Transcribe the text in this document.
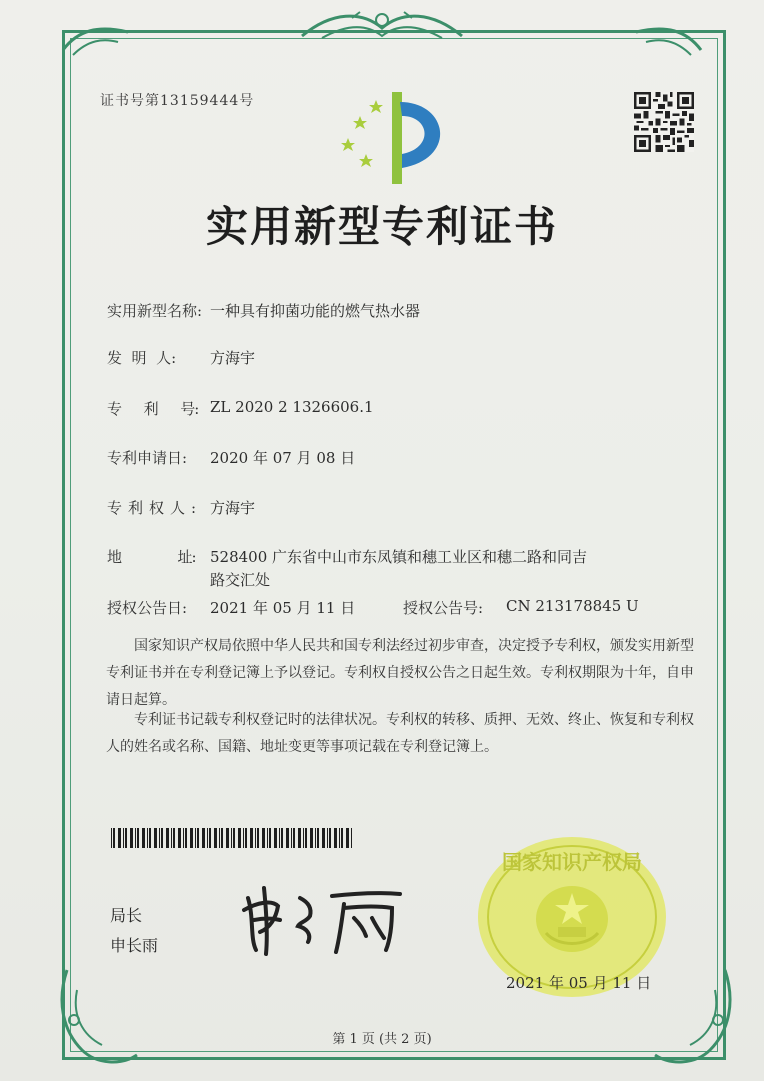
证书号第13159444号
实用新型专利证书
实用新型名称: 一种具有抑菌功能的燃气热水器
发  明  人: 方海宇
专      利      号: ZL 2020 2 1326606.1
专利申请日: 2020 年 07 月 08 日
专利权人: 方海宇
地               址: 528400 广东省中山市东凤镇和穗工业区和穗二路和同吉
路交汇处
授权公告日: 2021 年 05 月 11 日	授权公告号: CN 213178845 U
国家知识产权局依照中华人民共和国专利法经过初步审查，决定授予专利权，颁发实用新型专利证书并在专利登记簿上予以登记。专利权自授权公告之日起生效。专利权期限为十年，自申请日起算。
专利证书记载专利权登记时的法律状况。专利权的转移、质押、无效、终止、恢复和专利权人的姓名或名称、国籍、地址变更等事项记载在专利登记簿上。
国家知识产权局
局长
申长雨
2021 年 05 月 11 日
第 1 页 (共 2 页)
